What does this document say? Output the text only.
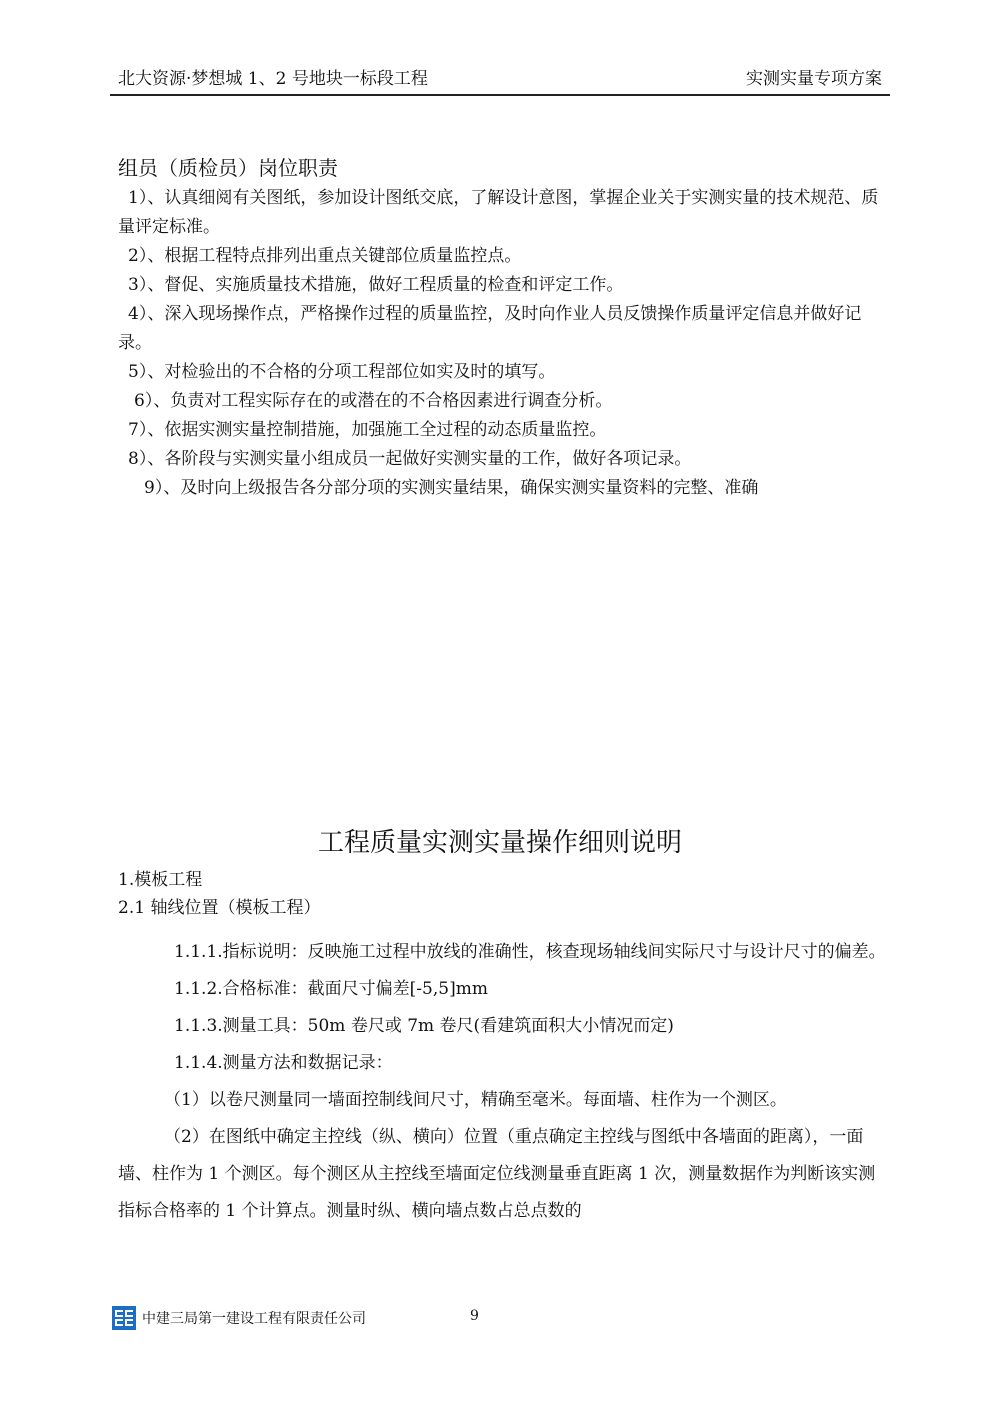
北大资源·梦想城 1、2 号地块一标段工程	实测实量专项方案
组员（质检员）岗位职责

1）、认真细阅有关图纸，参加设计图纸交底，了解设计意图，掌握企业关于实测实量的技术规范、质量评定标准。

2）、根据工程特点排列出重点关键部位质量监控点。

3）、督促、实施质量技术措施，做好工程质量的检查和评定工作。

4）、深入现场操作点，严格操作过程的质量监控，及时向作业人员反馈操作质量评定信息并做好记录。

5）、对检验出的不合格的分项工程部位如实及时的填写。

6）、负责对工程实际存在的或潜在的不合格因素进行调查分析。

7）、依据实测实量控制措施，加强施工全过程的动态质量监控。

8）、各阶段与实测实量小组成员一起做好实测实量的工作，做好各项记录。

9）、及时向上级报告各分部分项的实测实量结果，确保实测实量资料的完整、准确

工程质量实测实量操作细则说明
1.模板工程
2.1 轴线位置（模板工程）
1.1.1.指标说明：反映施工过程中放线的准确性，核查现场轴线间实际尺寸与设计尺寸的偏差。
1.1.2.合格标准：截面尺寸偏差[-5,5]mm
1.1.3.测量工具：50m 卷尺或 7m 卷尺(看建筑面积大小情况而定)
1.1.4.测量方法和数据记录：
（1）以卷尺测量同一墙面控制线间尺寸，精确至毫米。每面墙、柱作为一个测区。
（2）在图纸中确定主控线（纵、横向）位置（重点确定主控线与图纸中各墙面的距离），一面墙、柱作为 1 个测区。每个测区从主控线至墙面定位线测量垂直距离 1 次，测量数据作为判断该实测指标合格率的 1 个计算点。测量时纵、横向墙点数占总点数的
中建三局第一建设工程有限责任公司	9
